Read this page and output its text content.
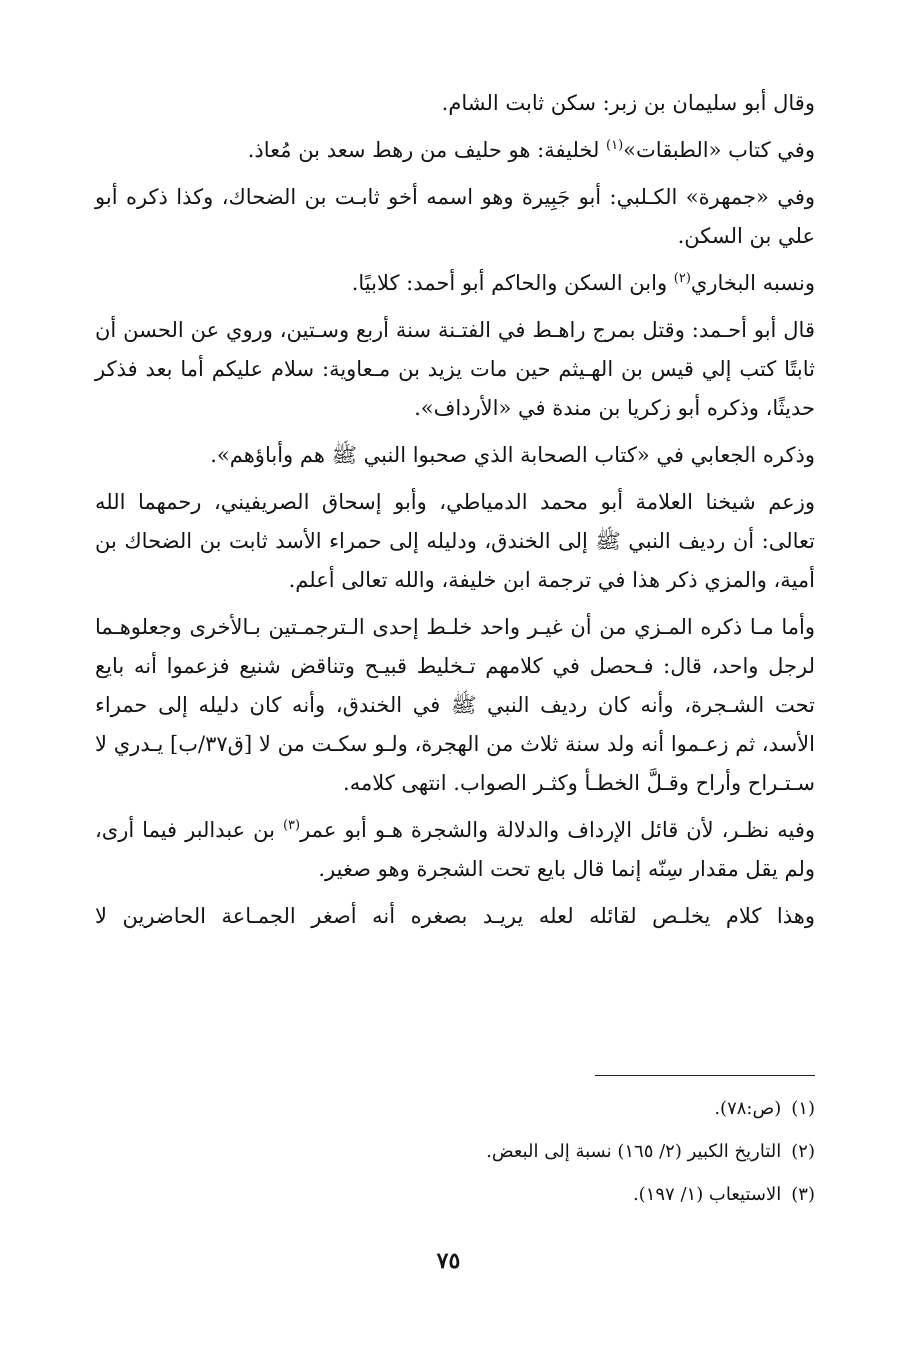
وقال أبو سليمان بن زبر: سكن ثابت الشام.

وفي كتاب «الطبقات»$^{(١)}$ لخليفة: هو حليف من رهط سعد بن مُعاذ.

وفي «جمهرة» الكـلبي: أبو جَبِيرة وهو اسمه أخو ثابـت بن الضحاك، وكذا ذكره أبو علي بن السكن.

ونسبه البخاري$^{(٢)}$ وابن السكن والحاكم أبو أحمد: كلابيًا.

قال أبو أحـمد: وقتل بمرج راهـط في الفتـنة سنة أربع وسـتين، وروي عن الحسن أن ثابتًا كتب إلي قيس بن الهـيثم حين مات يزيد بن مـعاوية: سلام عليكم أما بعد فذكر حديثًا، وذكره أبو زكريا بن مندة في «الأرداف».

وذكره الجعابي في «كتاب الصحابة الذي صحبوا النبي ﷺ هم وأباؤهم».

وزعم شيخنا العلامة أبو محمد الدمياطي، وأبو إسحاق الصريفيني، رحمهما الله تعالى: أن رديف النبي ﷺ إلى الخندق، ودليله إلى حمراء الأسد ثابت بن الضحاك بن أمية، والمزي ذكر هذا في ترجمة ابن خليفة، والله تعالى أعلم.

وأما مـا ذكره المـزي من أن غيـر واحد خلـط إحدى الـترجمـتين بـالأخرى وجعلوهـما لرجل واحد، قال: فـحصل في كلامهم تـخليط قبيـح وتناقض شنيع فزعموا أنه بايع تحت الشـجرة، وأنه كان رديف النبي ﷺ في الخندق، وأنه كان دليله إلى حمراء الأسد، ثم زعـموا أنه ولد سنة ثلاث من الهجرة، ولـو سكـت من لا [ق٣٧/ب] يـدري لا سـتـراح وأراح وقـلَّ الخطـأ وكثـر الصواب. انتهى كلامه.

وفيه نظـر، لأن قائل الإرداف والدلالة والشجرة هـو أبو عمر$^{(٣)}$ بن عبدالبر فيما أرى، ولم يقل مقدار سِنّه إنما قال بايع تحت الشجرة وهو صغير.

وهذا كلام يخلـص لقائله لعله يريـد بصغره أنه أصغر الجمـاعة الحاضرين لا

(١)(ص:٧٨).

(٢)التاريخ الكبير (٢/ ١٦٥) نسبة إلى البعض.

(٣)الاستيعاب (١/ ١٩٧).

٧٥
